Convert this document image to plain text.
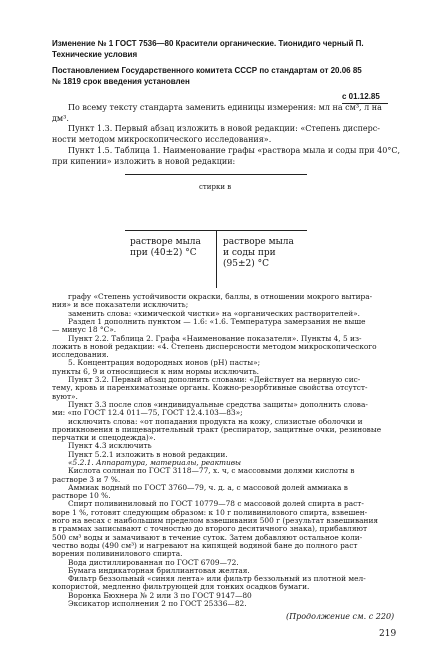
Изменение № 1 ГОСТ 7536—80 Красители органические. Тионидиго черный П.
Технические условия
Постановлением Государственного комитета СССР по стандартам от 20.06 85
№ 1819 срок введения установлен
с 01.12.85
По всему тексту стандарта заменить единицы измерения: мл на см³, л на
дм³.
Пункт 1.3. Первый абзац изложить в новой редакции: «Степень дисперс-
ности методом микроскопического исследования».
Пункт 1.5. Таблица 1. Наименование графы «раствора мыла и соды при 40°С,
при кипении» изложить в новой редакции:
стирки в
раствоpe мыла
при (40±2) °С
раствоpe мыла
и соды при
(95±2) °С
графу «Степень устойчивости окраски, баллы, в отношении мокрого вытира-
ния» и все показатели исключить;
заменить слова: «химической чистки» на «органических растворителей».
Раздел 1 дополнить пунктом — 1.6: «1.6. Температура замерзания не выше
— минус 18 °С».
Пункт 2.2. Таблица 2. Графа «Наименование показателя». Пункты 4, 5 из-
ложить в новой редакции: «4. Степень дисперсности методом микроскопического
исследования.
5. Концентрация водородных ионов (pH) пасты»;
пункты 6, 9 и относящиеся к ним нормы исключить.
Пункт 3.2. Первый абзац дополнить словами: «Действует на нервную сис-
тему, кровь и паренхиматозные органы. Кожно-резорбтивные свойства отсутст-
вуют».
Пункт 3.3 после слов «индивидуальные средства защиты» дополнить слова-
ми: «по ГОСТ 12.4 011—75, ГОСТ 12.4.103—83»;
исключить слова: «от попадания продукта на кожу, слизистые оболочки и
проникновения в пищеварительный тракт (респиратор, защитные очки, резиновые
перчатки и спецодежда)».
Пункт 4.3 исключить
Пункт 5.2.1 изложить в новой редакции.
«5.2.1. Аппаратура, материалы, реактивы
Кислота соляная по ГОСТ 3118—77, х. ч, с массовыми долями кислоты в
растворе 3 и 7 %.
Аммиак водный по ГОСТ 3760—79, ч. д. а, с массовой долей аммиака в
растворе 10 %.
Спирт поливиниловый по ГОСТ 10779—78 с массовой долей спирта в раст-
воре 1 %, готовят следующим образом: к 10 г поливинилового спирта, взвешен-
ного на весах с наибольшим пределом взвешивания 500 г (результат взвешивания
в граммах записывают с точностью до второго десятичного знака), прибавляют
500 см³ воды и замачивают в течение суток. Затем добавляют остальное коли-
чество воды (490 см³) и нагревают на кипящей водяной бане до полного раст
ворения поливинилового спирта.
Вода дистиллированная по ГОСТ 6709—72.
Бумага индикаторная бриллиантовая желтая.
Фильтр беззольный «синяя лента» или фильтр беззольный из плотной мел-
копористой, медленно фильтрующей для тонких осадков бумаги.
Воронка Бюхнера № 2 или 3 по ГОСТ 9147—80
Эксикатор исполнения 2 по ГОСТ 25336—82.
(Продолжение см. с 220)
219
